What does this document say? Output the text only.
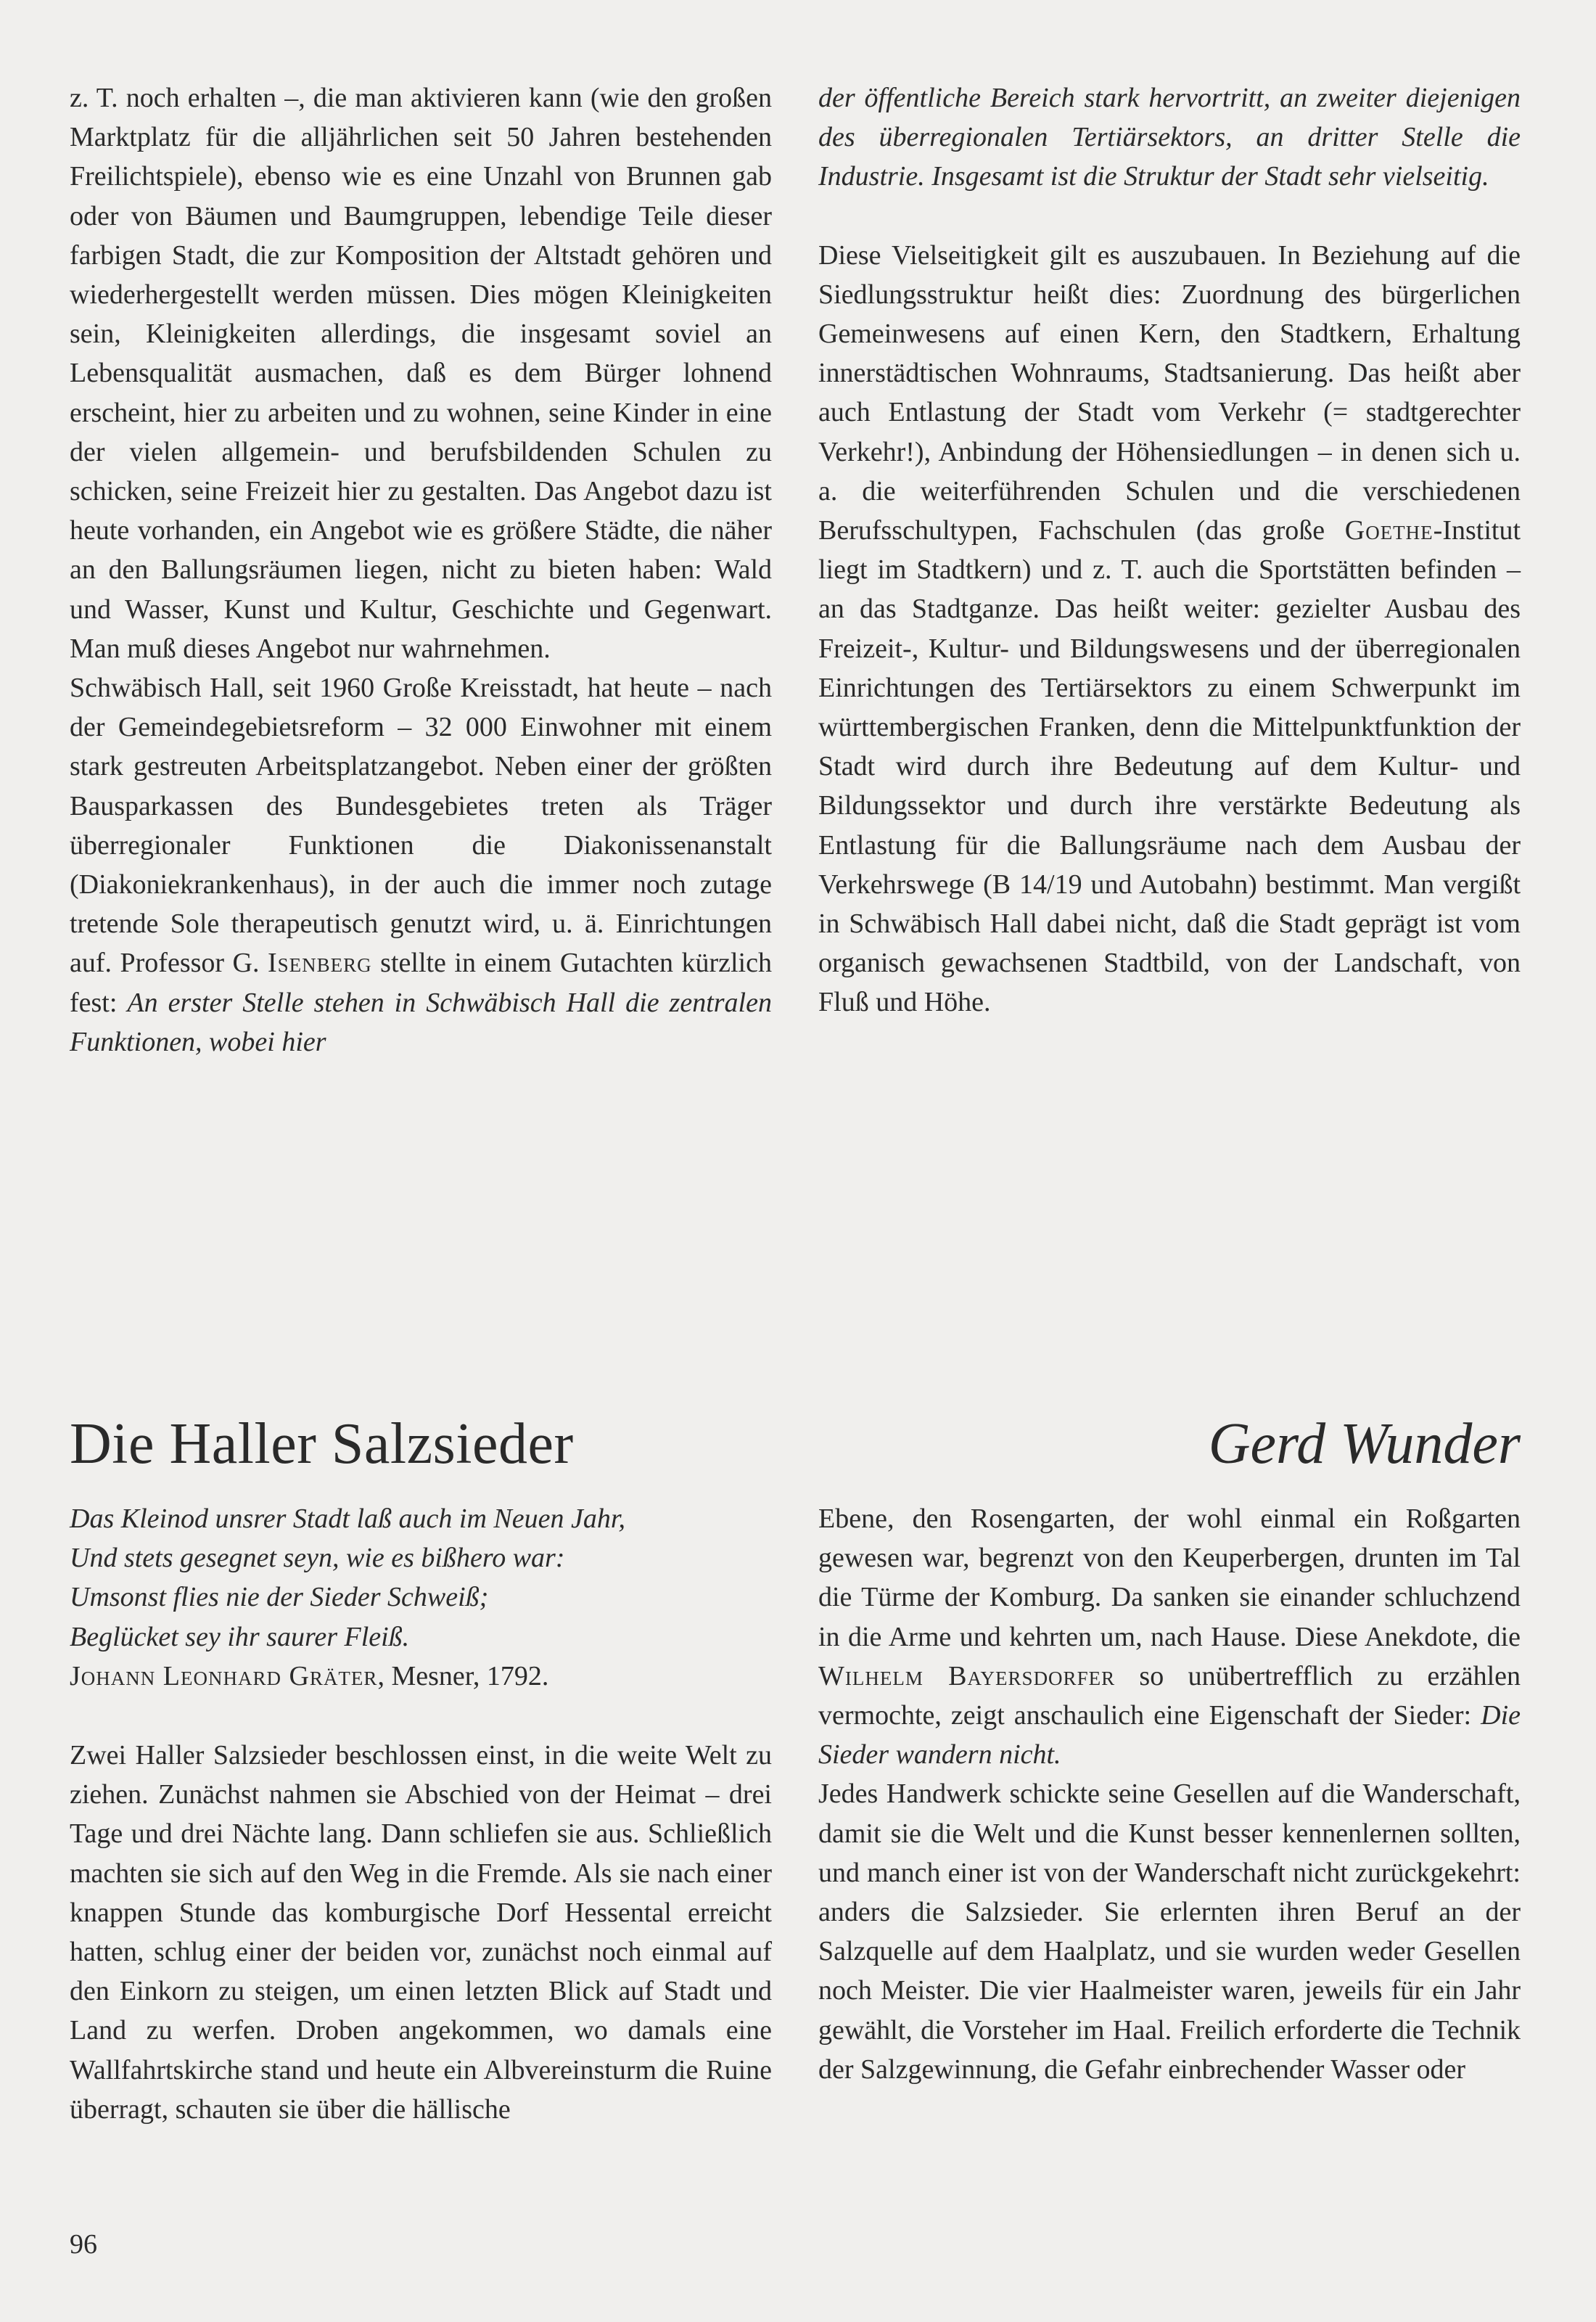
z. T. noch erhalten –, die man aktivieren kann (wie den großen Marktplatz für die alljährlichen seit 50 Jahren bestehenden Freilichtspiele), ebenso wie es eine Unzahl von Brunnen gab oder von Bäumen und Baumgruppen, lebendige Teile dieser farbigen Stadt, die zur Komposition der Altstadt gehören und wiederhergestellt werden müssen. Dies mögen Kleinigkeiten sein, Kleinigkeiten allerdings, die insgesamt soviel an Lebensqualität ausmachen, daß es dem Bürger lohnend erscheint, hier zu arbeiten und zu wohnen, seine Kinder in eine der vielen allgemein- und berufsbildenden Schulen zu schicken, seine Freizeit hier zu gestalten. Das Angebot dazu ist heute vorhanden, ein Angebot wie es größere Städte, die näher an den Ballungsräumen liegen, nicht zu bieten haben: Wald und Wasser, Kunst und Kultur, Geschichte und Gegenwart. Man muß dieses Angebot nur wahrnehmen.

Schwäbisch Hall, seit 1960 Große Kreisstadt, hat heute – nach der Gemeindegebietsreform – 32 000 Einwohner mit einem stark gestreuten Arbeitsplatzangebot. Neben einer der größten Bausparkassen des Bundesgebietes treten als Träger überregionaler Funktionen die Diakonissenanstalt (Diakoniekrankenhaus), in der auch die immer noch zutage tretende Sole therapeutisch genutzt wird, u. ä. Einrichtungen auf. Professor G. Isenberg stellte in einem Gutachten kürzlich fest: An erster Stelle stehen in Schwäbisch Hall die zentralen Funktionen, wobei hier

der öffentliche Bereich stark hervortritt, an zweiter diejenigen des überregionalen Tertiärsektors, an dritter Stelle die Industrie. Insgesamt ist die Struktur der Stadt sehr vielseitig.

Diese Vielseitigkeit gilt es auszubauen. In Beziehung auf die Siedlungsstruktur heißt dies: Zuordnung des bürgerlichen Gemeinwesens auf einen Kern, den Stadtkern, Erhaltung innerstädtischen Wohnraums, Stadtsanierung. Das heißt aber auch Entlastung der Stadt vom Verkehr (= stadtgerechter Verkehr!), Anbindung der Höhensiedlungen – in denen sich u. a. die weiterführenden Schulen und die verschiedenen Berufsschultypen, Fachschulen (das große Goethe-Institut liegt im Stadtkern) und z. T. auch die Sportstätten befinden – an das Stadtganze. Das heißt weiter: gezielter Ausbau des Freizeit-, Kultur- und Bildungswesens und der überregionalen Einrichtungen des Tertiärsektors zu einem Schwerpunkt im württembergischen Franken, denn die Mittelpunktfunktion der Stadt wird durch ihre Bedeutung auf dem Kultur- und Bildungssektor und durch ihre verstärkte Bedeutung als Entlastung für die Ballungsräume nach dem Ausbau der Verkehrswege (B 14/19 und Autobahn) bestimmt. Man vergißt in Schwäbisch Hall dabei nicht, daß die Stadt geprägt ist vom organisch gewachsenen Stadtbild, von der Landschaft, von Fluß und Höhe.

Die Haller Salzsieder	Gerd Wunder
Das Kleinod unsrer Stadt laß auch im Neuen Jahr,
Und stets gesegnet seyn, wie es bißhero war:
Umsonst flies nie der Sieder Schweiß;
Beglücket sey ihr saurer Fleiß.
Johann Leonhard Gräter, Mesner, 1792.

Zwei Haller Salzsieder beschlossen einst, in die weite Welt zu ziehen. Zunächst nahmen sie Abschied von der Heimat – drei Tage und drei Nächte lang. Dann schliefen sie aus. Schließlich machten sie sich auf den Weg in die Fremde. Als sie nach einer knappen Stunde das komburgische Dorf Hessental erreicht hatten, schlug einer der beiden vor, zunächst noch einmal auf den Einkorn zu steigen, um einen letzten Blick auf Stadt und Land zu werfen. Droben angekommen, wo damals eine Wallfahrtskirche stand und heute ein Albvereinsturm die Ruine überragt, schauten sie über die hällische

Ebene, den Rosengarten, der wohl einmal ein Roßgarten gewesen war, begrenzt von den Keuperbergen, drunten im Tal die Türme der Komburg. Da sanken sie einander schluchzend in die Arme und kehrten um, nach Hause. Diese Anekdote, die Wilhelm Bayersdorfer so unübertrefflich zu erzählen vermochte, zeigt anschaulich eine Eigenschaft der Sieder: Die Sieder wandern nicht.

Jedes Handwerk schickte seine Gesellen auf die Wanderschaft, damit sie die Welt und die Kunst besser kennenlernen sollten, und manch einer ist von der Wanderschaft nicht zurückgekehrt: anders die Salzsieder. Sie erlernten ihren Beruf an der Salzquelle auf dem Haalplatz, und sie wurden weder Gesellen noch Meister. Die vier Haalmeister waren, jeweils für ein Jahr gewählt, die Vorsteher im Haal. Freilich erforderte die Technik der Salzgewinnung, die Gefahr einbrechender Wasser oder

96
